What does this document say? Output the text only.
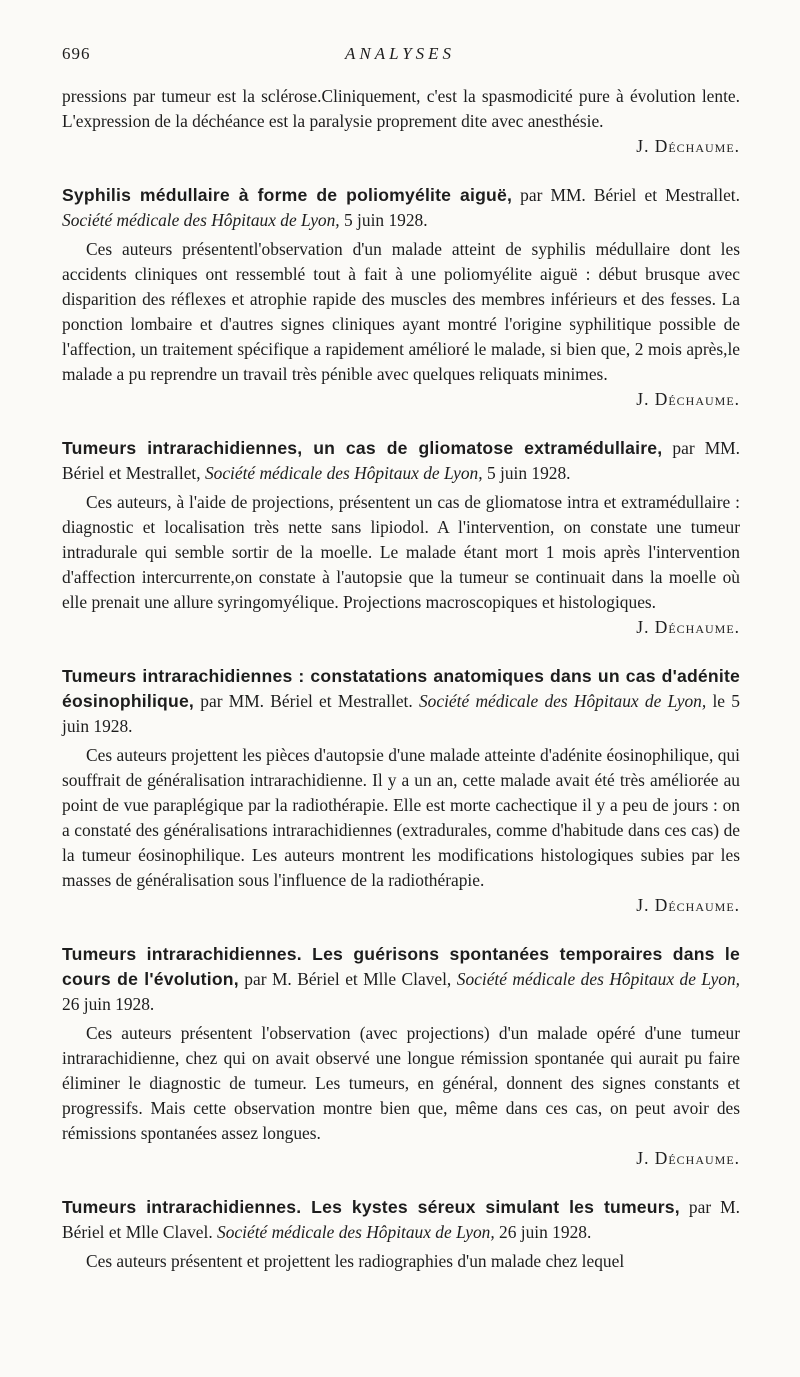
696	ANALYSES

pressions par tumeur est la sclérose.Cliniquement, c'est la spasmodicité pure à évolution lente. L'expression de la déchéance est la paralysie proprement dite avec anesthésie.

J. Déchaume.

Syphilis médullaire à forme de poliomyélite aiguë, par MM. Bériel et Mestrallet. Société médicale des Hôpitaux de Lyon, 5 juin 1928.

Ces auteurs présententl'observation d'un malade atteint de syphilis médullaire dont les accidents cliniques ont ressemblé tout à fait à une poliomyélite aiguë : début brusque avec disparition des réflexes et atrophie rapide des muscles des membres inférieurs et des fesses. La ponction lombaire et d'autres signes cliniques ayant montré l'origine syphilitique possible de l'affection, un traitement spécifique a rapidement amélioré le malade, si bien que, 2 mois après,le malade a pu reprendre un travail très pénible avec quelques reliquats minimes.

J. Déchaume.

Tumeurs intrarachidiennes, un cas de gliomatose extramédullaire, par MM. Bériel et Mestrallet, Société médicale des Hôpitaux de Lyon, 5 juin 1928.

Ces auteurs, à l'aide de projections, présentent un cas de gliomatose intra et extramédullaire : diagnostic et localisation très nette sans lipiodol. A l'intervention, on constate une tumeur intradurale qui semble sortir de la moelle. Le malade étant mort 1 mois après l'intervention d'affection intercurrente,on constate à l'autopsie que la tumeur se continuait dans la moelle où elle prenait une allure syringomyélique. Projections macroscopiques et histologiques.

J. Déchaume.

Tumeurs intrarachidiennes : constatations anatomiques dans un cas d'adénite éosinophilique, par MM. Bériel et Mestrallet. Société médicale des Hôpitaux de Lyon, le 5 juin 1928.

Ces auteurs projettent les pièces d'autopsie d'une malade atteinte d'adénite éosinophilique, qui souffrait de généralisation intrarachidienne. Il y a un an, cette malade avait été très améliorée au point de vue paraplégique par la radiothérapie. Elle est morte cachectique il y a peu de jours : on a constaté des généralisations intrarachidiennes (extradurales, comme d'habitude dans ces cas) de la tumeur éosinophilique. Les auteurs montrent les modifications histologiques subies par les masses de généralisation sous l'influence de la radiothérapie.

J. Déchaume.

Tumeurs intrarachidiennes. Les guérisons spontanées temporaires dans le cours de l'évolution, par M. Bériel et Mlle Clavel, Société médicale des Hôpitaux de Lyon, 26 juin 1928.

Ces auteurs présentent l'observation (avec projections) d'un malade opéré d'une tumeur intrarachidienne, chez qui on avait observé une longue rémission spontanée qui aurait pu faire éliminer le diagnostic de tumeur. Les tumeurs, en général, donnent des signes constants et progressifs. Mais cette observation montre bien que, même dans ces cas, on peut avoir des rémissions spontanées assez longues.

J. Déchaume.

Tumeurs intrarachidiennes. Les kystes séreux simulant les tumeurs, par M. Bériel et Mlle Clavel. Société médicale des Hôpitaux de Lyon, 26 juin 1928.

Ces auteurs présentent et projettent les radiographies d'un malade chez lequel
